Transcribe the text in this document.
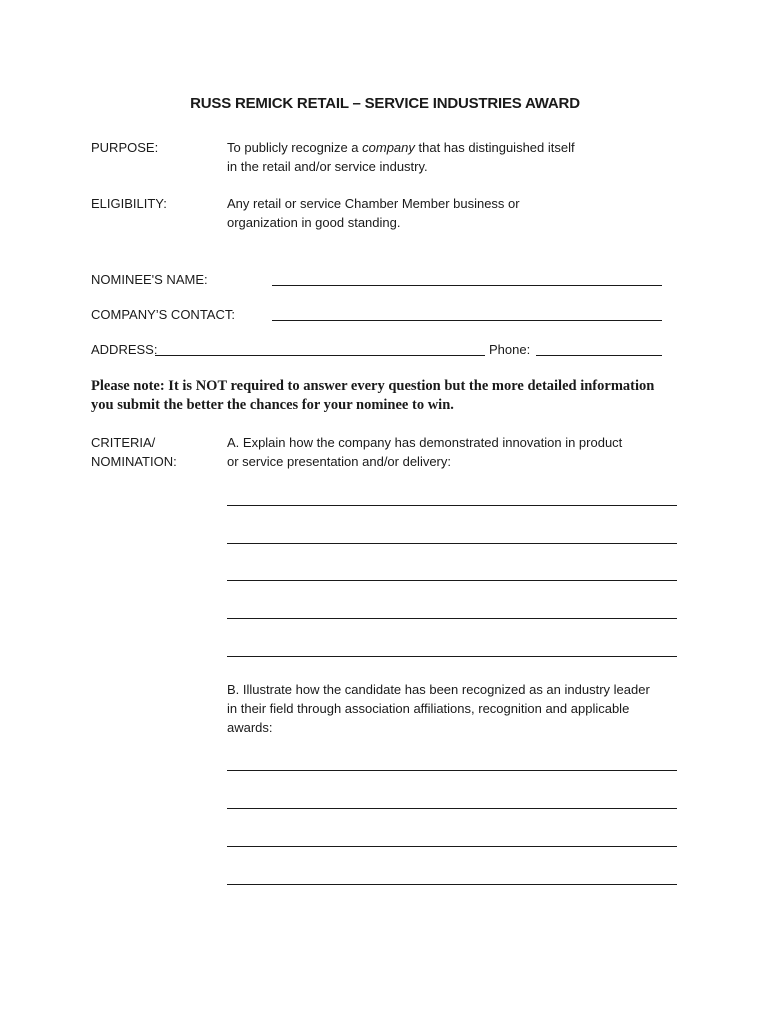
RUSS REMICK RETAIL – SERVICE INDUSTRIES AWARD
PURPOSE:	To publicly recognize a company that has distinguished itself
in the retail and/or service industry.
ELIGIBILITY:	Any retail or service Chamber Member business or
organization in good standing.
NOMINEE'S NAME:
COMPANY’S CONTACT:
ADDRESS:	Phone:
Please note: It is NOT required to answer every question but the more detailed information
you submit the better the chances for your nominee to win.
CRITERIA/
NOMINATION:
A. Explain how the company has demonstrated innovation in product
or service presentation and/or delivery:
B. Illustrate how the candidate has been recognized as an industry leader
in their field through association affiliations, recognition and applicable
awards:
